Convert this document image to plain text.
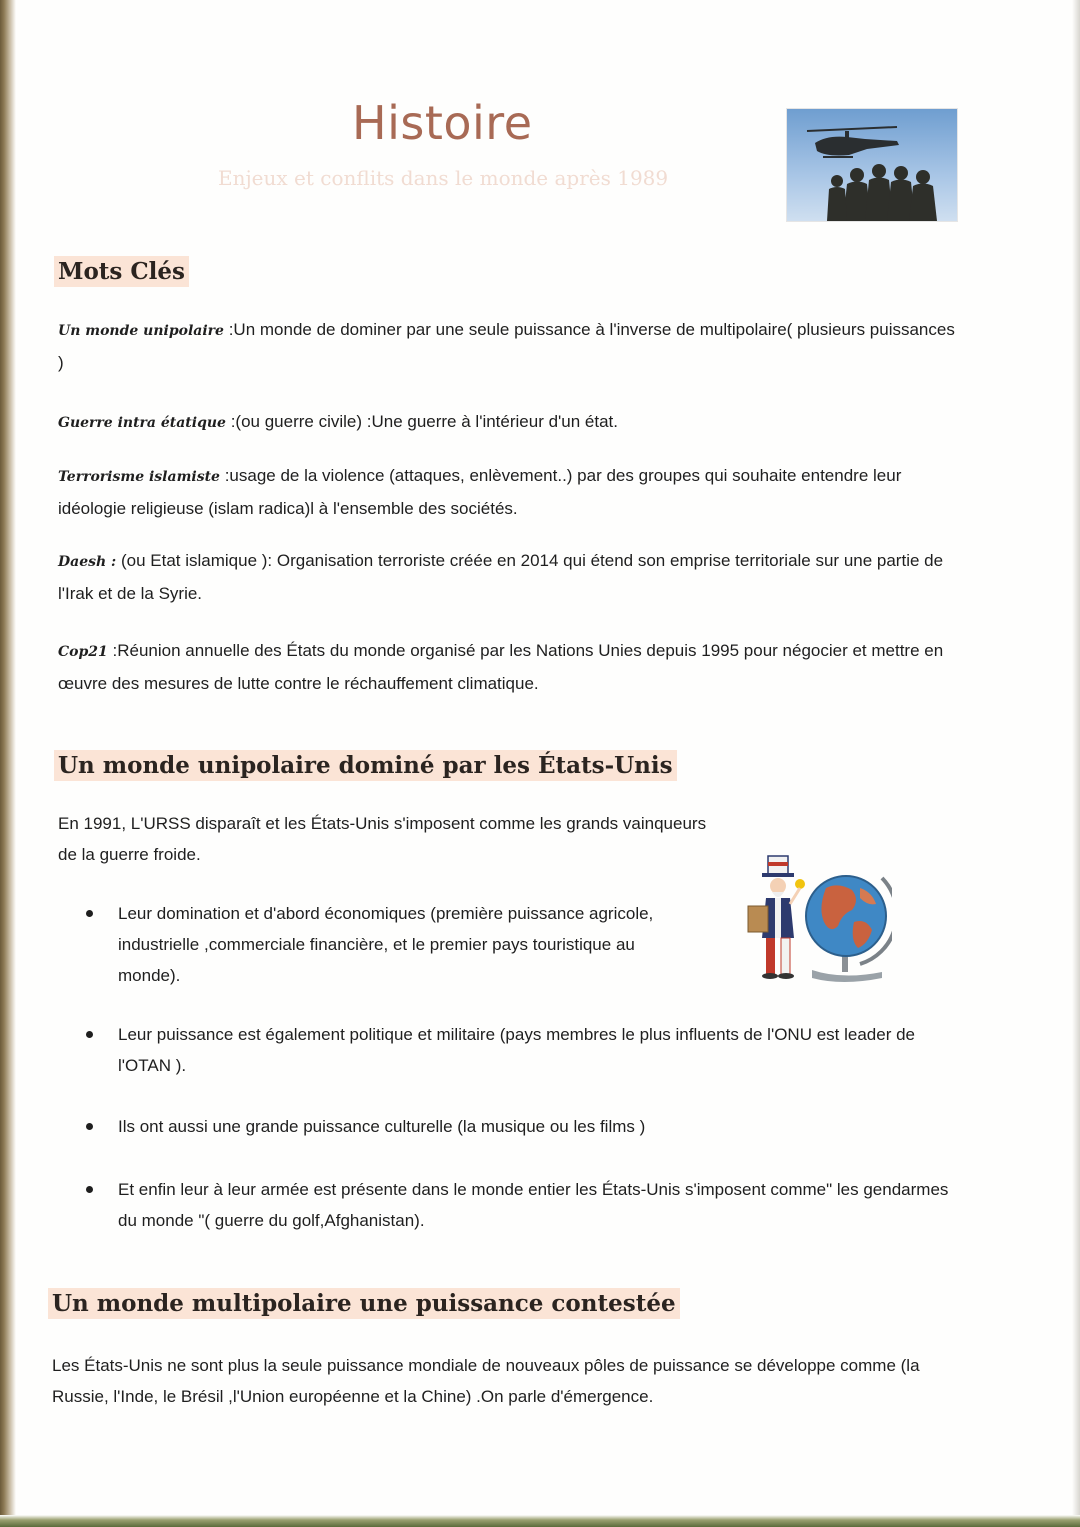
Histoire
Enjeux et conflits dans le monde après 1989
Mots Clés
Un monde unipolaire :Un monde de dominer par une seule puissance à l'inverse de multipolaire( plusieurs puissances )
Guerre intra étatique :(ou guerre civile) :Une guerre à l'intérieur d'un état.
Terrorisme islamiste :usage de la violence (attaques, enlèvement..) par des groupes qui souhaite entendre leur idéologie religieuse (islam radica)l à l'ensemble des sociétés.
Daesh : (ou Etat islamique ): Organisation terroriste créée en 2014 qui étend son emprise territoriale sur une partie de l'Irak et de la Syrie.
Cop21 :Réunion annuelle des États du monde organisé par les Nations Unies depuis 1995 pour négocier et mettre en œuvre des mesures de lutte contre le réchauffement climatique.
Un monde unipolaire dominé par les États-Unis
En 1991, L'URSS disparaît et les États-Unis s'imposent comme les grands vainqueurs de la guerre froide.
Leur domination et d'abord économiques (première puissance agricole, industrielle ,commerciale financière, et le premier pays touristique au monde).
Leur puissance est également politique et militaire (pays membres le plus influents de l'ONU est leader de l'OTAN ).
Ils ont aussi une grande puissance culturelle (la musique ou les films )
Et enfin leur à leur armée est présente dans le monde entier les États-Unis s'imposent comme" les gendarmes du monde "( guerre du golf,Afghanistan).
Un monde multipolaire une puissance contestée
Les États-Unis ne sont plus la seule puissance mondiale de nouveaux pôles de puissance se développe comme (la Russie, l'Inde, le Brésil ,l'Union européenne et la Chine) .On parle d'émergence.
